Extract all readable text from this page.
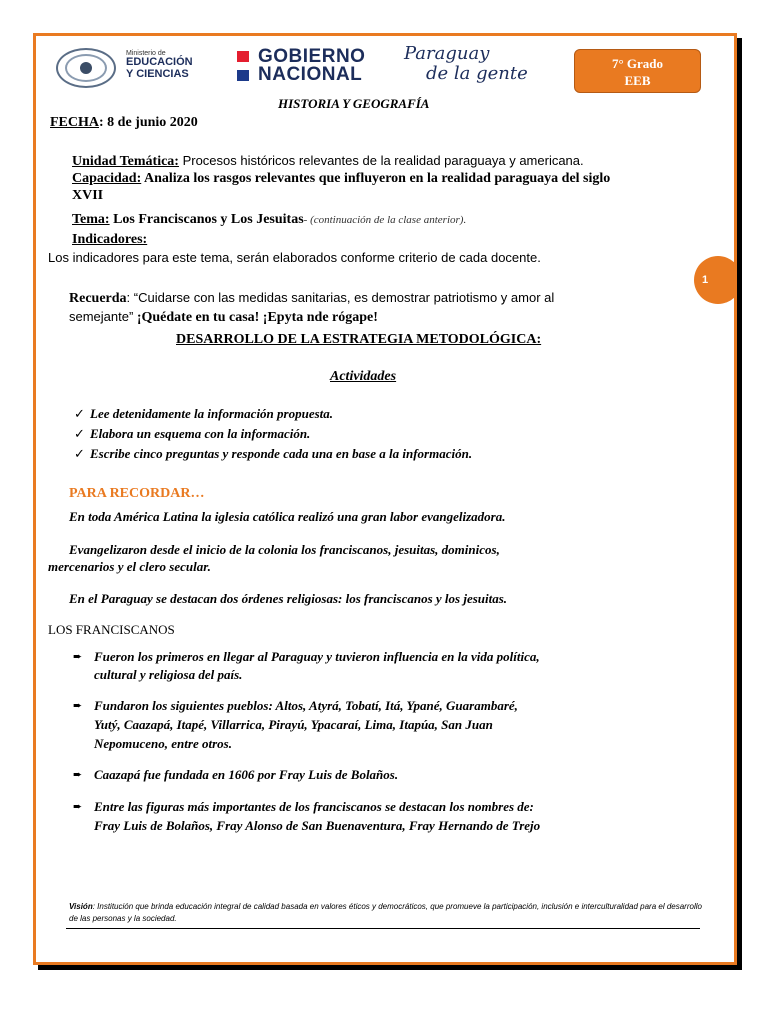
Ministerio de
EDUCACIÓN
Y CIENCIAS
GOBIERNO
NACIONAL
Paraguay
de la gente	7° Grado
EEB
HISTORIA Y GEOGRAFÍA
FECHA: 8 de junio 2020
Unidad Temática: Procesos históricos relevantes de la realidad paraguaya y americana.
Capacidad: Analiza los rasgos relevantes que influyeron en la realidad paraguaya del siglo
XVII
Tema: Los Franciscanos y Los Jesuitas- (continuación de la clase anterior).
Indicadores:
Los indicadores para este tema, serán elaborados conforme criterio de cada docente.
1
Recuerda: “Cuidarse con las medidas sanitarias, es demostrar patriotismo y amor al
semejante” ¡Quédate en tu casa! ¡Epyta nde rógape!
DESARROLLO DE LA ESTRATEGIA METODOLÓGICA:
Actividades
✓ Lee detenidamente la información propuesta.
✓ Elabora un esquema con la información.
✓ Escribe cinco preguntas y responde cada una en base a la información.
PARA RECORDAR…
En toda América Latina la iglesia católica realizó una gran labor evangelizadora.
Evangelizaron desde el inicio de la colonia los franciscanos, jesuitas, dominicos,
mercenarios y el clero secular.
En el Paraguay se destacan dos órdenes religiosas: los franciscanos y los jesuitas.
LOS FRANCISCANOS
➨ Fueron los primeros en llegar al Paraguay y tuvieron influencia en la vida política,
cultural y religiosa del país.
➨ Fundaron los siguientes pueblos: Altos, Atyrá, Tobatí, Itá, Ypané, Guarambaré,
Yutý, Caazapá, Itapé, Villarrica, Pirayú, Ypacaraí, Lima, Itapúa, San Juan
Nepomuceno, entre otros.
➨ Caazapá fue fundada en 1606 por Fray Luis de Bolaños.
➨ Entre las figuras más importantes de los franciscanos se destacan los nombres de:
Fray Luis de Bolaños, Fray Alonso de San Buenaventura, Fray Hernando de Trejo
Visión: Institución que brinda educación integral de calidad basada en valores éticos y democráticos, que promueve la participación, inclusión e interculturalidad para el desarrollo de las personas y la sociedad.
